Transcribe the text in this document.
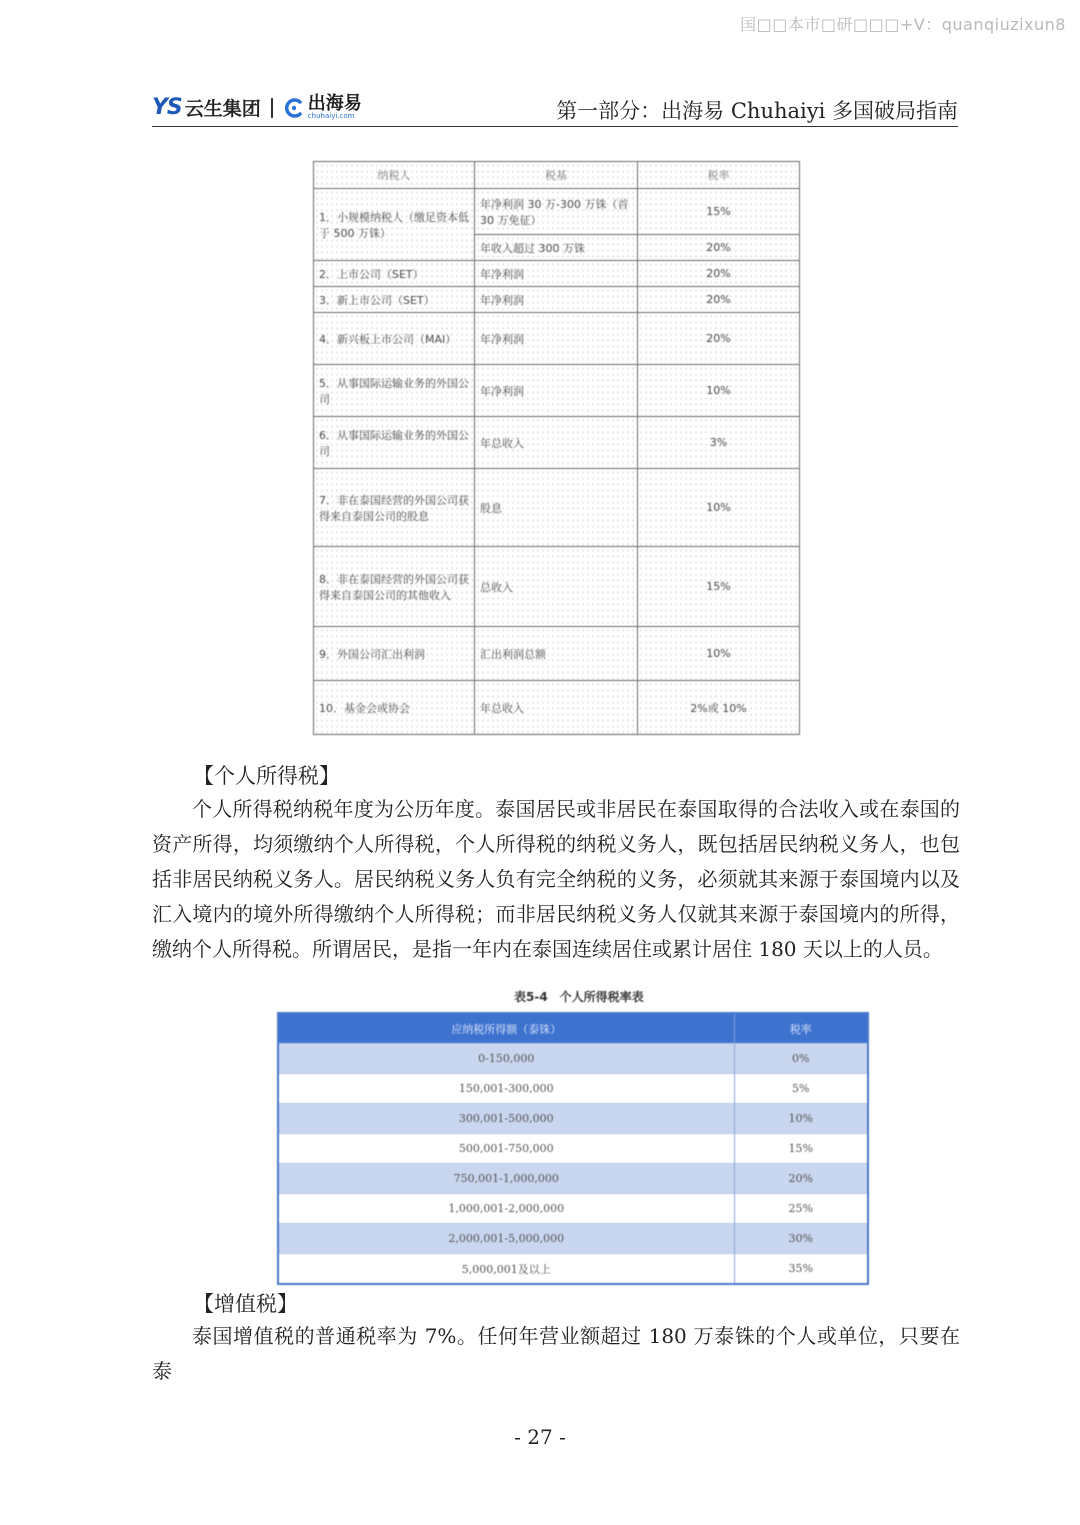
国□□本市□研□□□+V：quanqiuzixun8
YS 云生集团	出海易
chuhaiyi.com	第一部分：出海易 Chuhaiyi 多国破局指南
纳税人	税基	税率
1．小规模纳税人（缴足资本低于 500 万铢）	年净利润 30 万-300 万铢（首 30 万免征）	15%
	年收入超过 300 万铢	20%
2．上市公司（SET）	年净利润	20%
3．新上市公司（SET）	年净利润	20%
4．新兴板上市公司（MAI）	年净利润	20%
5．从事国际运输业务的外国公司	年净利润	10%
6．从事国际运输业务的外国公司	年总收入	3%
7．非在泰国经营的外国公司获得来自泰国公司的股息	股息	10%
8．非在泰国经营的外国公司获得来自泰国公司的其他收入	总收入	15%
9．外国公司汇出利润	汇出利润总额	10%
10．基金会或协会	年总收入	2%或 10%
【个人所得税】

个人所得税纳税年度为公历年度。泰国居民或非居民在泰国取得的合法收入或在泰国的资产所得，均须缴纳个人所得税，个人所得税的纳税义务人，既包括居民纳税义务人，也包括非居民纳税义务人。居民纳税义务人负有完全纳税的义务，必须就其来源于泰国境内以及汇入境内的境外所得缴纳个人所得税；而非居民纳税义务人仅就其来源于泰国境内的所得，缴纳个人所得税。所谓居民，是指一年内在泰国连续居住或累计居住 180 天以上的人员。

表5-4　个人所得税率表
应纳税所得额（泰铢）	税率
0-150,000	0%
150,001-300,000	5%
300,001-500,000	10%
500,001-750,000	15%
750,001-1,000,000	20%
1,000,001-2,000,000	25%
2,000,001-5,000,000	30%
5,000,001及以上	35%
【增值税】

泰国增值税的普通税率为 7%。任何年营业额超过 180 万泰铢的个人或单位，只要在泰

- 27 -
